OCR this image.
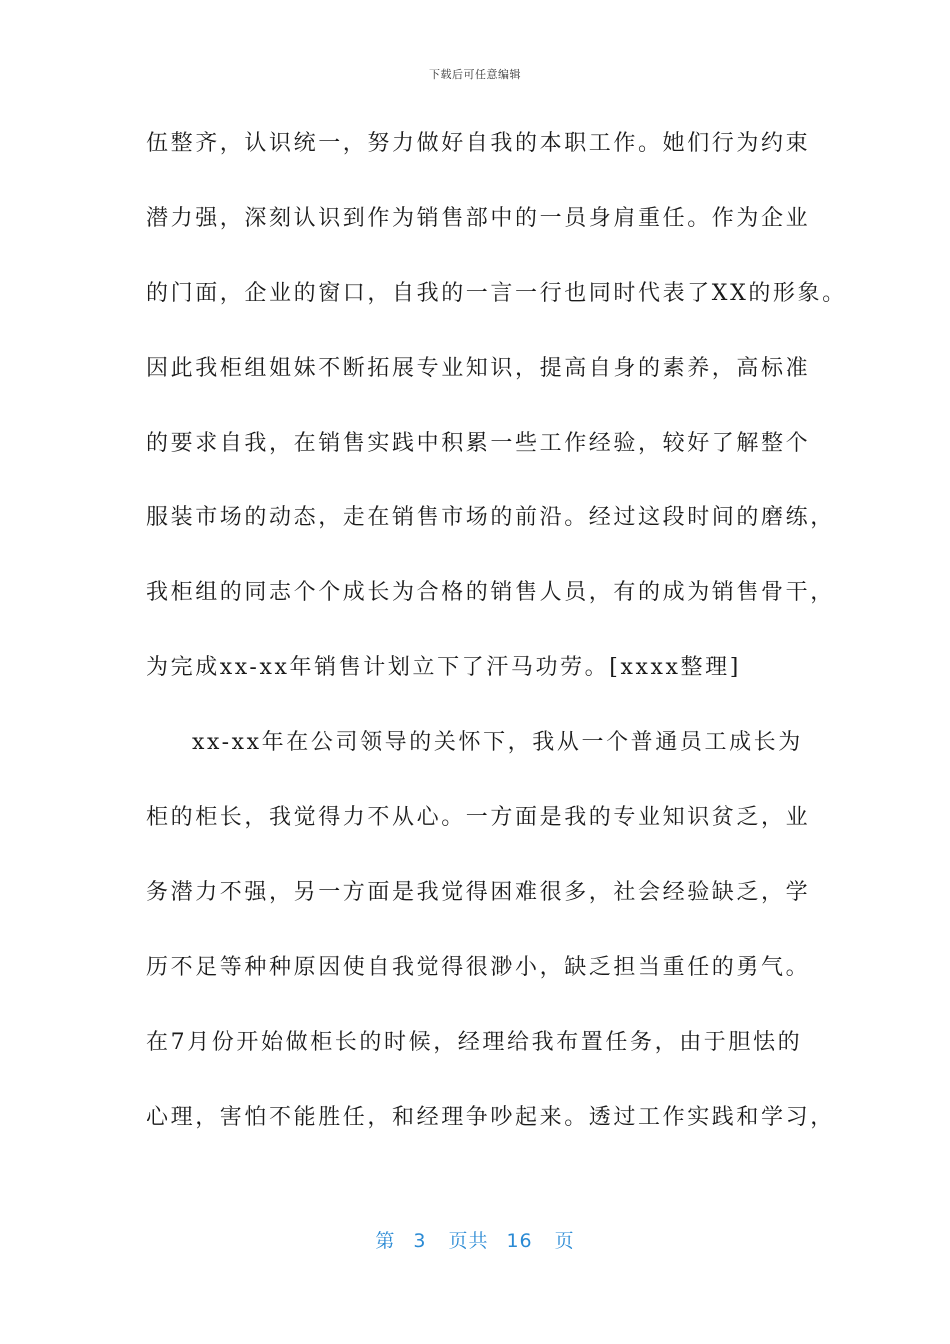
下载后可任意编辑
伍整齐，认识统一，努力做好自我的本职工作。她们行为约束
潜力强，深刻认识到作为销售部中的一员身肩重任。作为企业
的门面，企业的窗口，自我的一言一行也同时代表了XX的形象。
因此我柜组姐妹不断拓展专业知识，提高自身的素养，高标准
的要求自我，在销售实践中积累一些工作经验，较好了解整个
服装市场的动态，走在销售市场的前沿。经过这段时间的磨练，
我柜组的同志个个成长为合格的销售人员，有的成为销售骨干，
为完成xx-xx年销售计划立下了汗马功劳。[xxxx整理]
xx-xx年在公司领导的关怀下，我从一个普通员工成长为
柜的柜长，我觉得力不从心。一方面是我的专业知识贫乏，业
务潜力不强，另一方面是我觉得困难很多，社会经验缺乏，学
历不足等种种原因使自我觉得很渺小，缺乏担当重任的勇气。
在7月份开始做柜长的时候，经理给我布置任务，由于胆怯的
心理，害怕不能胜任，和经理争吵起来。透过工作实践和学习，
第 3 页共 16 页
